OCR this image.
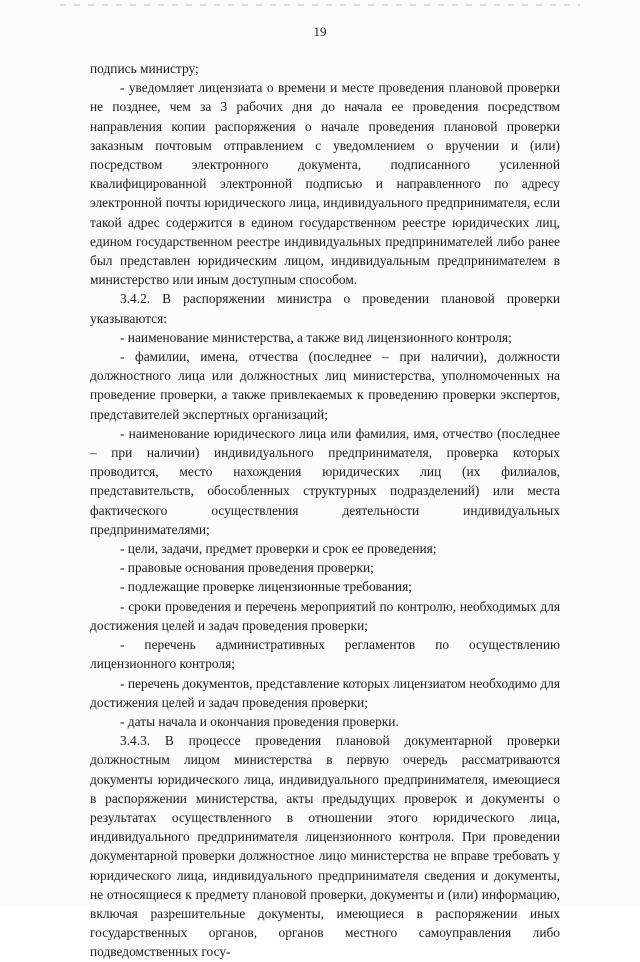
19

подпись министру;

- уведомляет лицензиата о времени и месте проведения плановой проверки не позднее, чем за 3 рабочих дня до начала ее проведения посредством направления копии распоряжения о начале проведения плановой проверки заказным почтовым отправлением с уведомлением о вручении и (или) посредством электронного документа, подписанного усиленной квалифицированной электронной подписью и направленного по адресу электронной почты юридического лица, индивидуального предпринимателя, если такой адрес содержится в едином государственном реестре юридических лиц, едином государственном реестре индивидуальных предпринимателей либо ранее был представлен юридическим лицом, индивидуальным предпринимателем в министерство или иным доступным способом.

3.4.2. В распоряжении министра о проведении плановой проверки указываются:

- наименование министерства, а также вид лицензионного контроля;

- фамилии, имена, отчества (последнее – при наличии), должности должностного лица или должностных лиц министерства, уполномоченных на проведение проверки, а также привлекаемых к проведению проверки экспертов, представителей экспертных организаций;

- наименование юридического лица или фамилия, имя, отчество (последнее – при наличии) индивидуального предпринимателя, проверка которых проводится, место нахождения юридических лиц (их филиалов, представительств, обособленных структурных подразделений) или места фактического осуществления деятельности индивидуальных предпринимателями;

- цели, задачи, предмет проверки и срок ее проведения;

- правовые основания проведения проверки;

- подлежащие проверке лицензионные требования;

- сроки проведения и перечень мероприятий по контролю, необходимых для достижения целей и задач проведения проверки;

- перечень административных регламентов по осуществлению лицензионного контроля;

- перечень документов, представление которых лицензиатом необходимо для достижения целей и задач проведения проверки;

- даты начала и окончания проведения проверки.

3.4.3. В процессе проведения плановой документарной проверки должностным лицом министерства в первую очередь рассматриваются документы юридического лица, индивидуального предпринимателя, имеющиеся в распоряжении министерства, акты предыдущих проверок и документы о результатах осуществленного в отношении этого юридического лица, индивидуального предпринимателя лицензионного контроля. При проведении документарной проверки должностное лицо министерства не вправе требовать у юридического лица, индивидуального предпринимателя сведения и документы, не относящиеся к предмету плановой проверки, документы и (или) информацию, включая разрешительные документы, имеющиеся в распоряжении иных государственных органов, органов местного самоуправления либо подведомственных госу-
